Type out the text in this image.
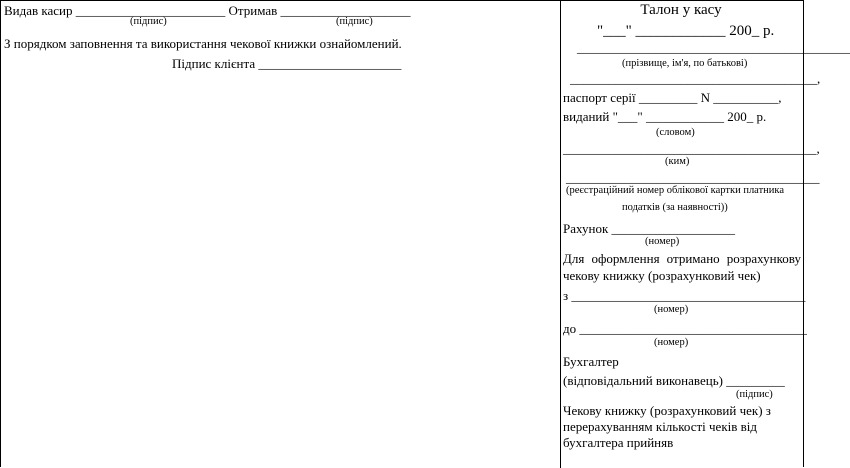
Видав касир _______________________ Отримав ____________________
(підпис)	(підпис)
З порядком заповнення та використання чекової книжки ознайомлений.
Підпис клієнта ______________________
Талон у касу
"___" ____________ 200_ р.
__________________________________________
(прізвище, ім'я, по батькові)
______________________________________,
паспорт серії _________ N __________,
виданий "___" ____________ 200_ р.
(словом)
_______________________________________,
(ким)
_______________________________________
(реєстраційний номер облікової картки платника
податків (за наявності))
Рахунок ___________________
(номер)
Для оформлення отримано розрахункову
чекову книжку (розрахунковий чек)
з ____________________________________
(номер)
до ___________________________________
(номер)
Бухгалтер
(відповідальний виконавець) _________
(підпис)
Чекову книжку (розрахунковий чек) з
перерахуванням кількості чеків від
бухгалтера прийняв
